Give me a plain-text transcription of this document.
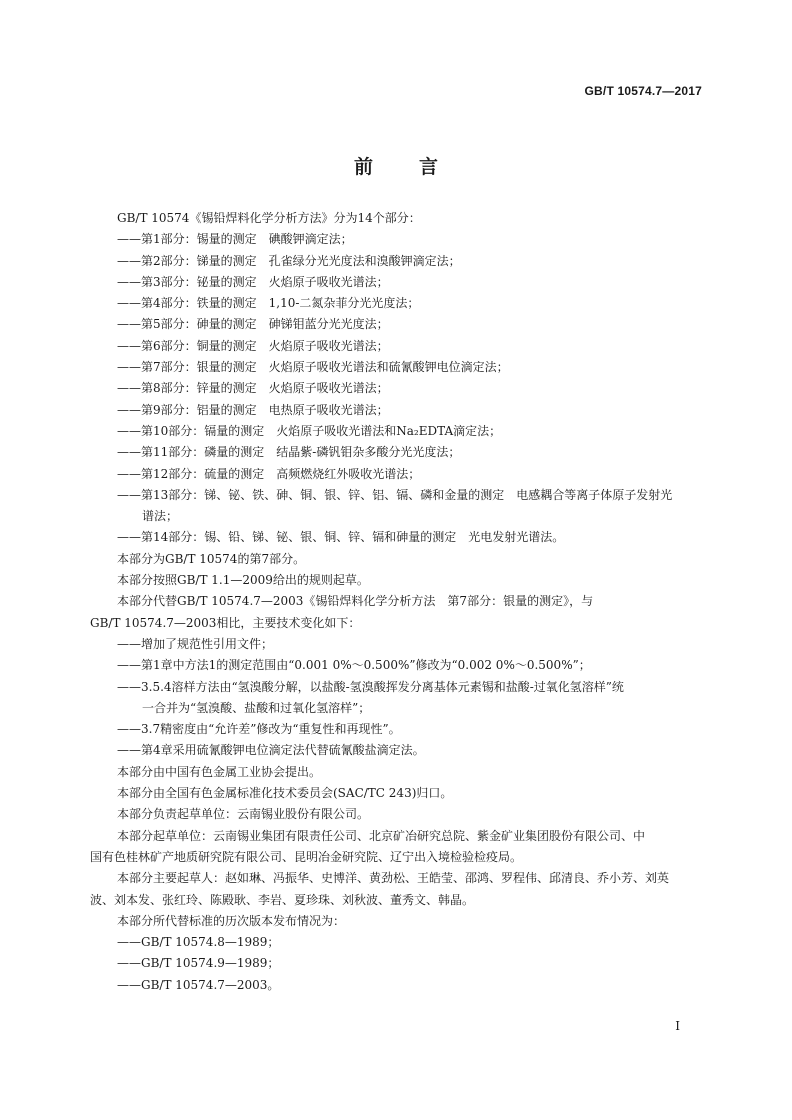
GB/T 10574.7—2017
前言
GB/T 10574《锡铅焊料化学分析方法》分为14个部分：
——第1部分：锡量的测定　碘酸钾滴定法；
——第2部分：锑量的测定　孔雀绿分光光度法和溴酸钾滴定法；
——第3部分：铋量的测定　火焰原子吸收光谱法；
——第4部分：铁量的测定　1,10-二氮杂菲分光光度法；
——第5部分：砷量的测定　砷锑钼蓝分光光度法；
——第6部分：铜量的测定　火焰原子吸收光谱法；
——第7部分：银量的测定　火焰原子吸收光谱法和硫氰酸钾电位滴定法；
——第8部分：锌量的测定　火焰原子吸收光谱法；
——第9部分：铝量的测定　电热原子吸收光谱法；
——第10部分：镉量的测定　火焰原子吸收光谱法和Na₂EDTA滴定法；
——第11部分：磷量的测定　结晶紫-磷钒钼杂多酸分光光度法；
——第12部分：硫量的测定　高频燃烧红外吸收光谱法；
——第13部分：锑、铋、铁、砷、铜、银、锌、铝、镉、磷和金量的测定　电感耦合等离子体原子发射光
谱法；
——第14部分：锡、铅、锑、铋、银、铜、锌、镉和砷量的测定　光电发射光谱法。
本部分为GB/T 10574的第7部分。
本部分按照GB/T 1.1—2009给出的规则起草。
本部分代替GB/T 10574.7—2003《锡铅焊料化学分析方法　第7部分：银量的测定》，与
GB/T 10574.7—2003相比，主要技术变化如下：
——增加了规范性引用文件；
——第1章中方法1的测定范围由“0.001 0%～0.500%”修改为“0.002 0%～0.500%”；
——3.5.4溶样方法由“氢溴酸分解，以盐酸-氢溴酸挥发分离基体元素锡和盐酸-过氧化氢溶样”统
一合并为“氢溴酸、盐酸和过氧化氢溶样”；
——3.7精密度由“允许差”修改为“重复性和再现性”。
——第4章采用硫氰酸钾电位滴定法代替硫氰酸盐滴定法。
本部分由中国有色金属工业协会提出。
本部分由全国有色金属标准化技术委员会(SAC/TC 243)归口。
本部分负责起草单位：云南锡业股份有限公司。
本部分起草单位：云南锡业集团有限责任公司、北京矿冶研究总院、紫金矿业集团股份有限公司、中
国有色桂林矿产地质研究院有限公司、昆明冶金研究院、辽宁出入境检验检疫局。
本部分主要起草人：赵如琳、冯振华、史博洋、黄劲松、王皓莹、邵鸿、罗程伟、邱清良、乔小芳、刘英
波、刘本发、张红玲、陈殿耿、李岩、夏珍珠、刘秋波、董秀文、韩晶。
本部分所代替标准的历次版本发布情况为：
——GB/T 10574.8—1989；
——GB/T 10574.9—1989；
——GB/T 10574.7—2003。
I
